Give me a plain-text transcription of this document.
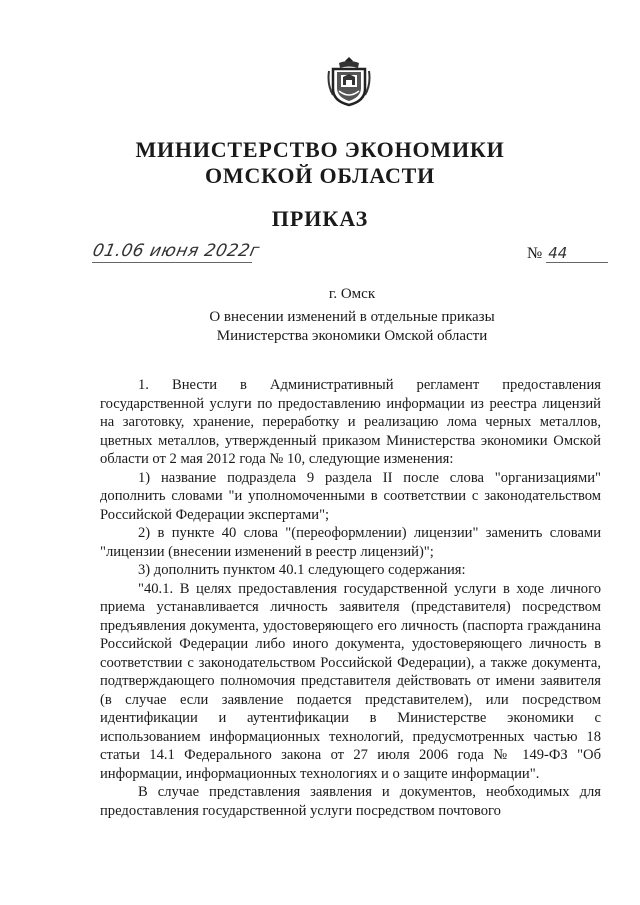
МИНИСТЕРСТВО ЭКОНОМИКИ
ОМСКОЙ ОБЛАСТИ
ПРИКАЗ
01.06 июня 2022г	№ 44
г. Омск
О внесении изменений в отдельные приказы
Министерства экономики Омской области

1. Внести в Административный регламент предоставления государственной услуги по предоставлению информации из реестра лицензий на заготовку, хранение, переработку и реализацию лома черных металлов, цветных металлов, утвержденный приказом Министерства экономики Омской области от 2 мая 2012 года № 10, следующие изменения:

1) название подраздела 9 раздела II после слова "организациями" дополнить словами "и уполномоченными в соответствии с законодательством Российской Федерации экспертами";

2) в пункте 40 слова "(переоформлении) лицензии" заменить словами "лицензии (внесении изменений в реестр лицензий)";

3) дополнить пунктом 40.1 следующего содержания:

"40.1. В целях предоставления государственной услуги в ходе личного приема устанавливается личность заявителя (представителя) посредством предъявления документа, удостоверяющего его личность (паспорта гражданина Российской Федерации либо иного документа, удостоверяющего личность в соответствии с законодательством Российской Федерации), а также документа, подтверждающего полномочия представителя действовать от имени заявителя (в случае если заявление подается представителем), или посредством идентификации и аутентификации в Министерстве экономики с использованием информационных технологий, предусмотренных частью 18 статьи 14.1 Федерального закона от 27 июля 2006 года № 149-ФЗ "Об информации, информационных технологиях и о защите информации".

В случае представления заявления и документов, необходимых для предоставления государственной услуги посредством почтового
